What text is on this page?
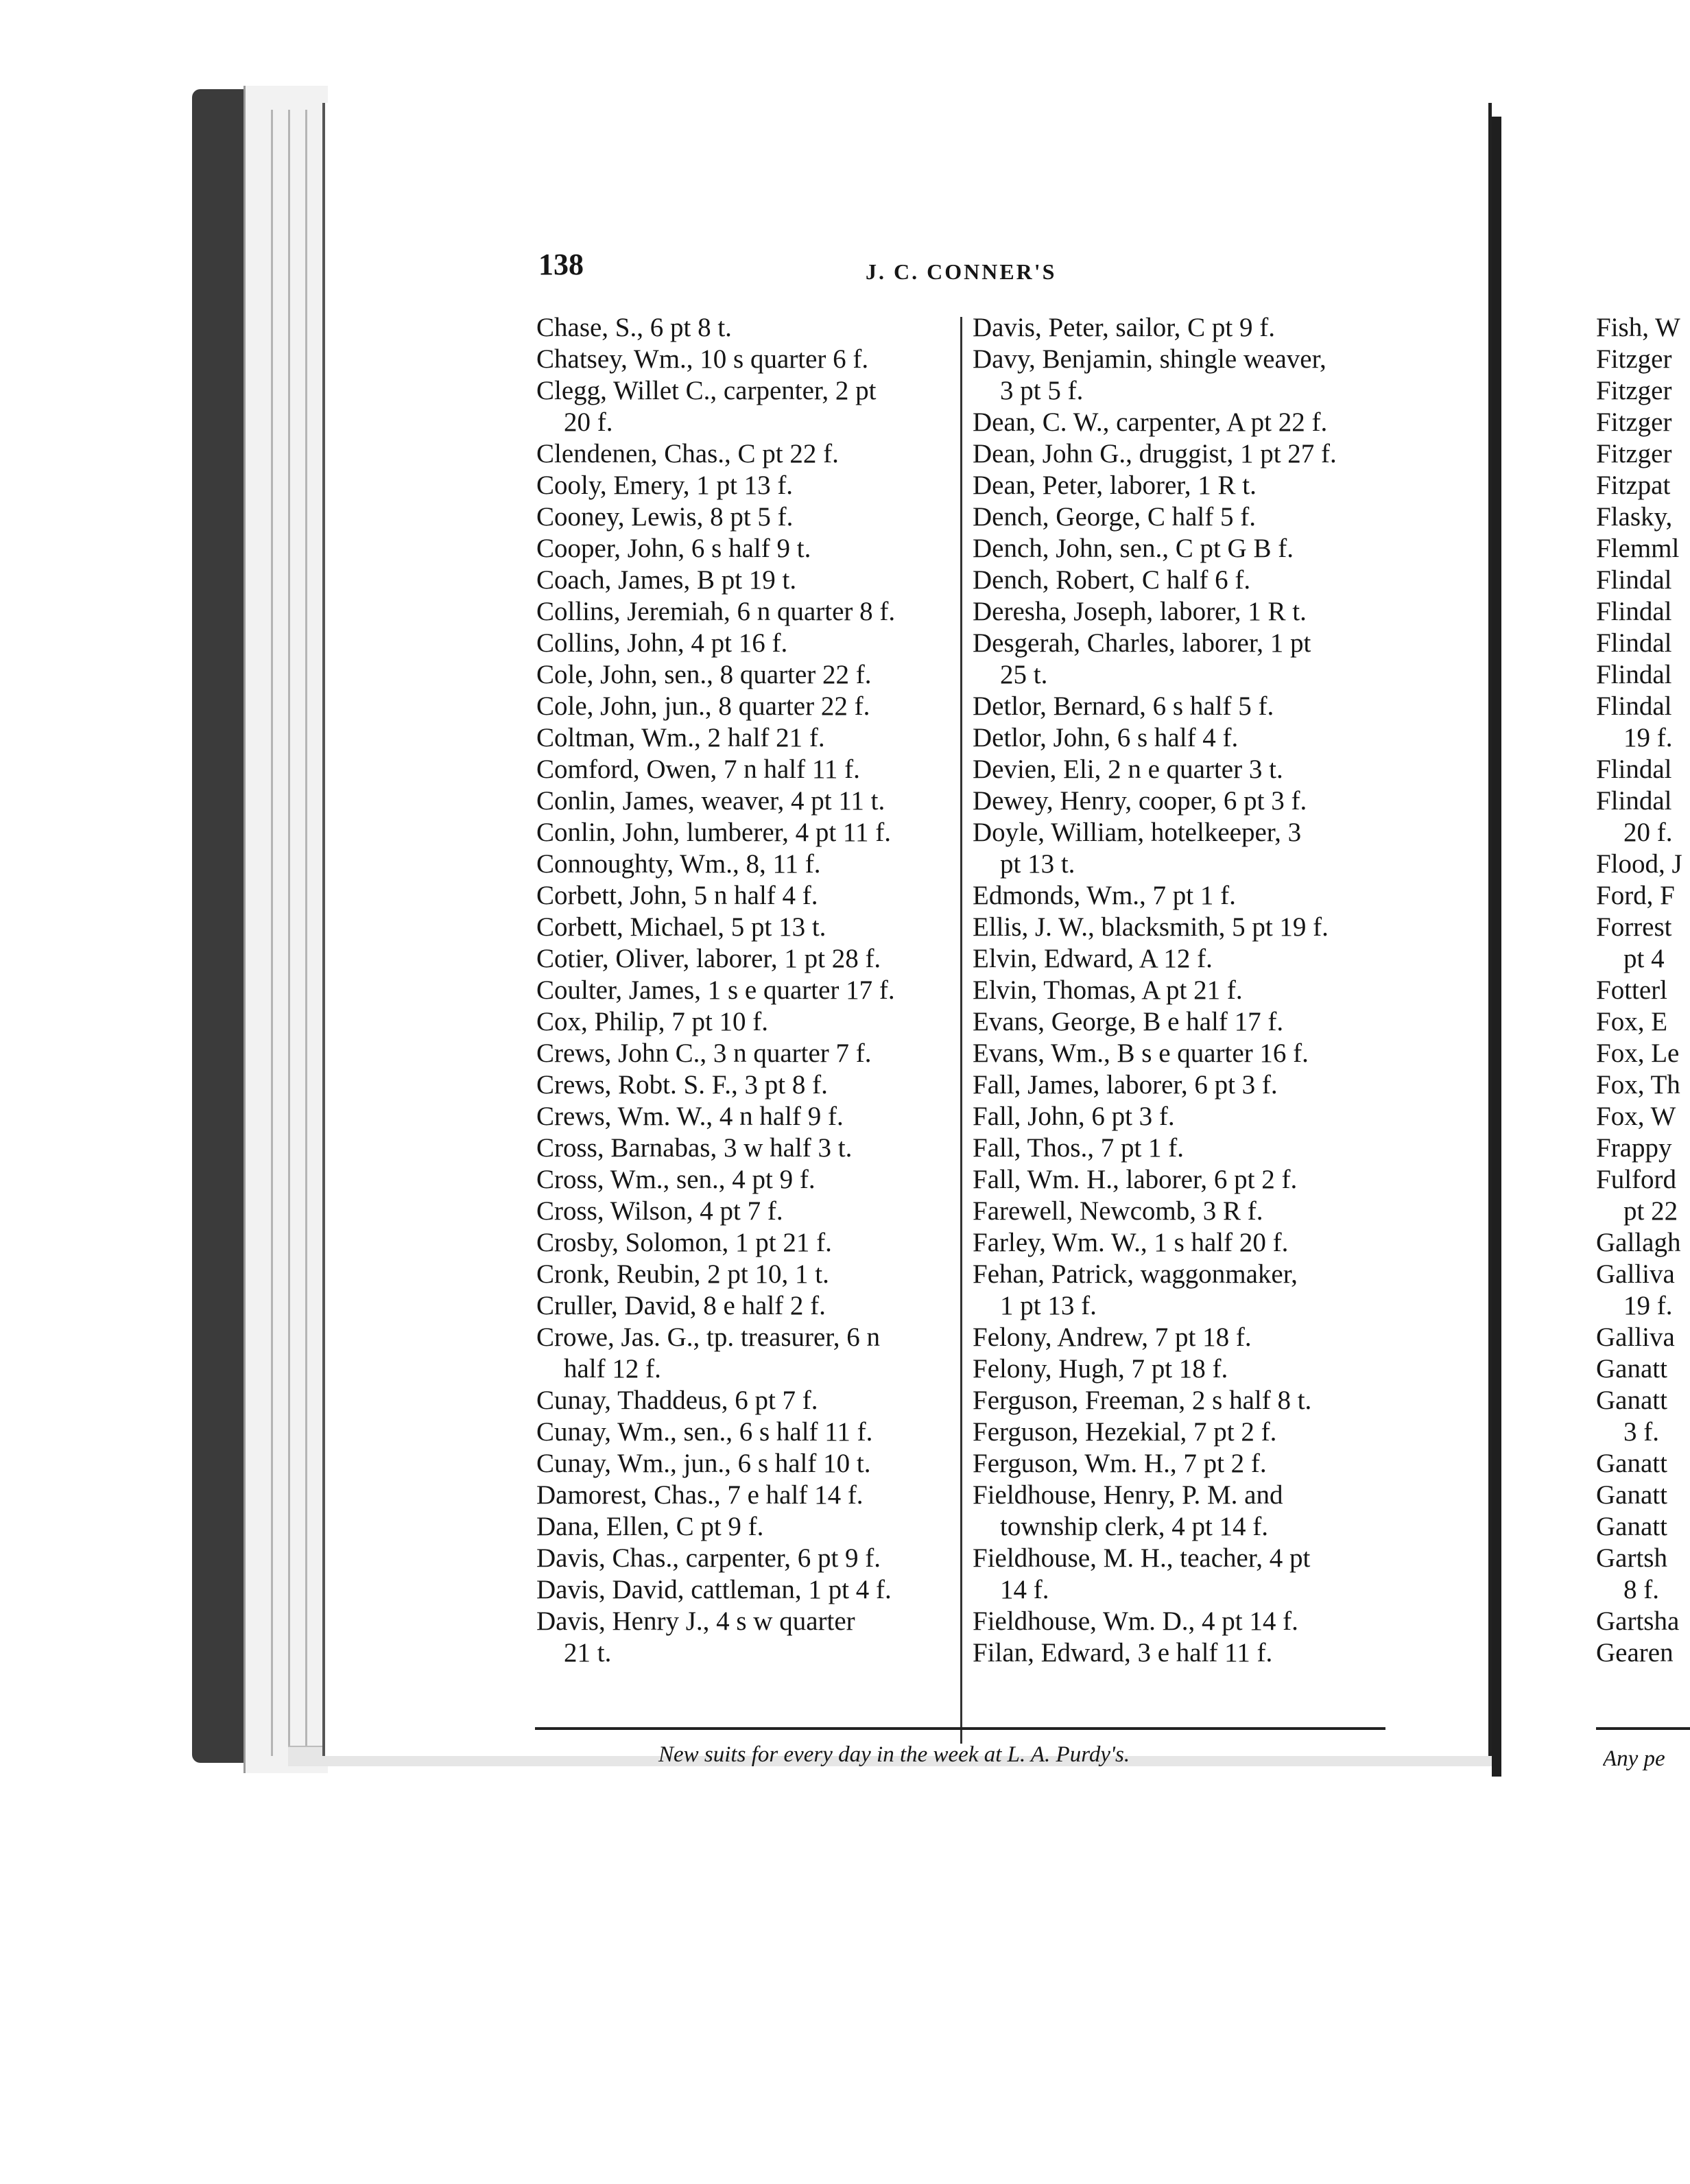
138	J. C. CONNER'S

Chase, S., 6 pt 8 t.

Chatsey, Wm., 10 s quarter 6 f.

Clegg, Willet C., carpenter, 2 pt
20 f.

Clendenen, Chas., C pt 22 f.

Cooly, Emery, 1 pt 13 f.

Cooney, Lewis, 8 pt 5 f.

Cooper, John, 6 s half 9 t.

Coach, James, B pt 19 t.

Collins, Jeremiah, 6 n quarter 8 f.

Collins, John, 4 pt 16 f.

Cole, John, sen., 8 quarter 22 f.

Cole, John, jun., 8 quarter 22 f.

Coltman, Wm., 2 half 21 f.

Comford, Owen, 7 n half 11 f.

Conlin, James, weaver, 4 pt 11 t.

Conlin, John, lumberer, 4 pt 11 f.

Connoughty, Wm., 8, 11 f.

Corbett, John, 5 n half 4 f.

Corbett, Michael, 5 pt 13 t.

Cotier, Oliver, laborer, 1 pt 28 f.

Coulter, James, 1 s e quarter 17 f.

Cox, Philip, 7 pt 10 f.

Crews, John C., 3 n quarter 7 f.

Crews, Robt. S. F., 3 pt 8 f.

Crews, Wm. W., 4 n half 9 f.

Cross, Barnabas, 3 w half 3 t.

Cross, Wm., sen., 4 pt 9 f.

Cross, Wilson, 4 pt 7 f.

Crosby, Solomon, 1 pt 21 f.

Cronk, Reubin, 2 pt 10, 1 t.

Cruller, David, 8 e half 2 f.

Crowe, Jas. G., tp. treasurer, 6 n
half 12 f.

Cunay, Thaddeus, 6 pt 7 f.

Cunay, Wm., sen., 6 s half 11 f.

Cunay, Wm., jun., 6 s half 10 t.

Damorest, Chas., 7 e half 14 f.

Dana, Ellen, C pt 9 f.

Davis, Chas., carpenter, 6 pt 9 f.

Davis, David, cattleman, 1 pt 4 f.

Davis, Henry J., 4 s w quarter
21 t.

Davis, Peter, sailor, C pt 9 f.

Davy, Benjamin, shingle weaver,
3 pt 5 f.

Dean, C. W., carpenter, A pt 22 f.

Dean, John G., druggist, 1 pt 27 f.

Dean, Peter, laborer, 1 R t.

Dench, George, C half 5 f.

Dench, John, sen., C pt G B f.

Dench, Robert, C half 6 f.

Deresha, Joseph, laborer, 1 R t.

Desgerah, Charles, laborer, 1 pt
25 t.

Detlor, Bernard, 6 s half 5 f.

Detlor, John, 6 s half 4 f.

Devien, Eli, 2 n e quarter 3 t.

Dewey, Henry, cooper, 6 pt 3 f.

Doyle, William, hotelkeeper, 3
pt 13 t.

Edmonds, Wm., 7 pt 1 f.

Ellis, J. W., blacksmith, 5 pt 19 f.

Elvin, Edward, A 12 f.

Elvin, Thomas, A pt 21 f.

Evans, George, B e half 17 f.

Evans, Wm., B s e quarter 16 f.

Fall, James, laborer, 6 pt 3 f.

Fall, John, 6 pt 3 f.

Fall, Thos., 7 pt 1 f.

Fall, Wm. H., laborer, 6 pt 2 f.

Farewell, Newcomb, 3 R f.

Farley, Wm. W., 1 s half 20 f.

Fehan, Patrick, waggonmaker,
1 pt 13 f.

Felony, Andrew, 7 pt 18 f.

Felony, Hugh, 7 pt 18 f.

Ferguson, Freeman, 2 s half 8 t.

Ferguson, Hezekial, 7 pt 2 f.

Ferguson, Wm. H., 7 pt 2 f.

Fieldhouse, Henry, P. M. and
township clerk, 4 pt 14 f.

Fieldhouse, M. H., teacher, 4 pt
14 f.

Fieldhouse, Wm. D., 4 pt 14 f.

Filan, Edward, 3 e half 11 f.

New suits for every day in the week at L. A. Purdy's.

Fish, W

Fitzger

Fitzger

Fitzger

Fitzger

Fitzpat

Flasky,

Flemml

Flindal

Flindal

Flindal

Flindal

Flindal

19 f.

Flindal

Flindal

20 f.

Flood, J

Ford, F

Forrest

pt 4

Fotterl

Fox, E

Fox, Le

Fox, Th

Fox, W

Frappy

Fulford

pt 22

Gallagh

Galliva

19 f.

Galliva

Ganatt

Ganatt

3 f.

Ganatt

Ganatt

Ganatt

Gartsh

8 f.

Gartsha

Gearen

Any pe
